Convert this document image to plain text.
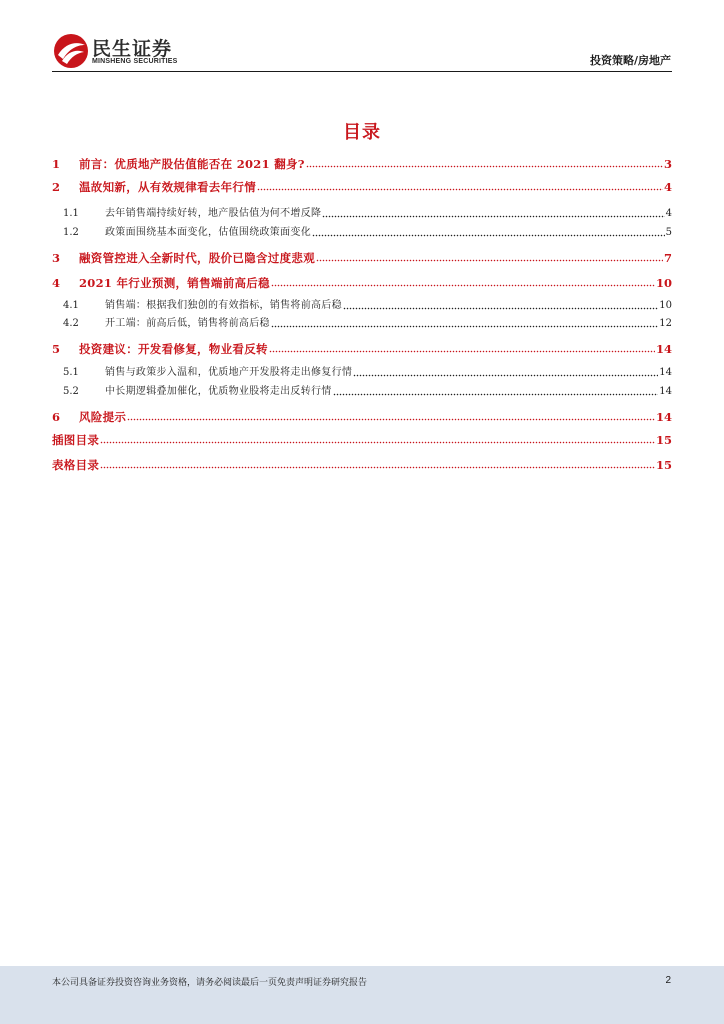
民生证券
MINSHENG SECURITIES	投资策略/房地产
目录
1	前言：优质地产股估值能否在 2021 翻身?	3
2	温故知新，从有效规律看去年行情	4
1.1	去年销售端持续好转，地产股估值为何不增反降	4
1.2	政策面围绕基本面变化，估值围绕政策面变化	5
3	融资管控进入全新时代，股价已隐含过度悲观	7
4	2021 年行业预测，销售端前高后稳	10
4.1	销售端：根据我们独创的有效指标，销售将前高后稳	10
4.2	开工端：前高后低，销售将前高后稳	12
5	投资建议：开发看修复，物业看反转	14
5.1	销售与政策步入温和，优质地产开发股将走出修复行情	14
5.2	中长期逻辑叠加催化，优质物业股将走出反转行情	14
6	风险提示	14
插图目录	15
表格目录	15
本公司具备证券投资咨询业务资格，请务必阅读最后一页免责声明证券研究报告	2
